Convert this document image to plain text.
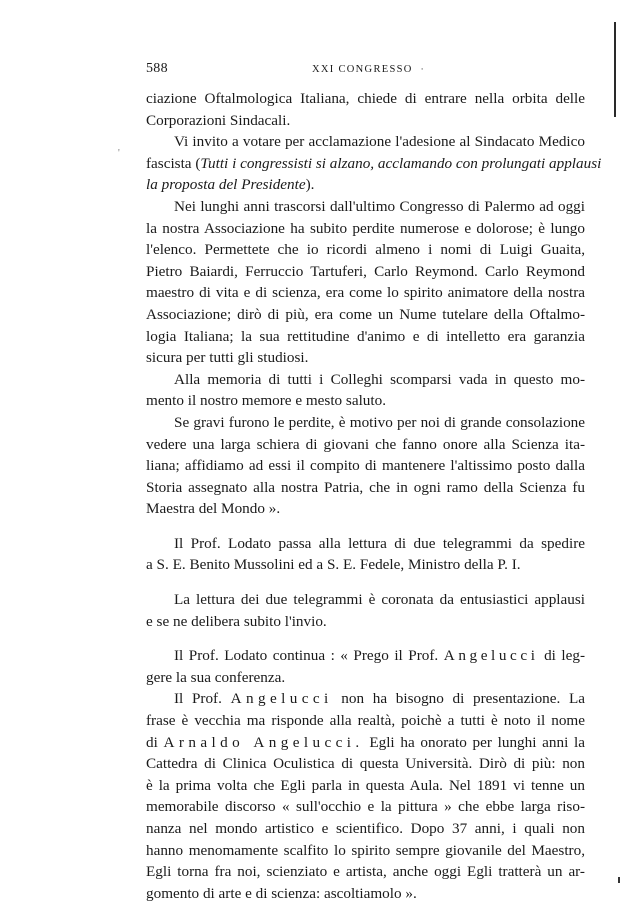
'
588	XXI CONGRESSO ·
ciazione Oftalmologica Italiana, chiede di entrare nella orbita delle
Corporazioni Sindacali.
Vi invito a votare per acclamazione l'adesione al Sindacato Medico
fascista (Tutti i congressisti si alzano, acclamando con prolungati applausi
la proposta del Presidente).
Nei lunghi anni trascorsi dall'ultimo Congresso di Palermo ad oggi
la nostra Associazione ha subito perdite numerose e dolorose; è lungo
l'elenco. Permettete che io ricordi almeno i nomi di Luigi Guaita,
Pietro Baiardi, Ferruccio Tartuferi, Carlo Reymond. Carlo Reymond
maestro di vita e di scienza, era come lo spirito animatore della nostra
Associazione; dirò di più, era come un Nume tutelare della Oftalmo-
logia Italiana; la sua rettitudine d'animo e di intelletto era garanzia
sicura per tutti gli studiosi.
Alla memoria di tutti i Colleghi scomparsi vada in questo mo-
mento il nostro memore e mesto saluto.
Se gravi furono le perdite, è motivo per noi di grande consolazione
vedere una larga schiera di giovani che fanno onore alla Scienza ita-
liana; affidiamo ad essi il compito di mantenere l'altissimo posto dalla
Storia assegnato alla nostra Patria, che in ogni ramo della Scienza fu
Maestra del Mondo ».
Il Prof. Lodato passa alla lettura di due telegrammi da spedire
a S. E. Benito Mussolini ed a S. E. Fedele, Ministro della P. I.
La lettura dei due telegrammi è coronata da entusiastici applausi
e se ne delibera subito l'invio.
Il Prof. Lodato continua : « Prego il Prof. Angelucci di leg-
gere la sua conferenza.
Il Prof. Angelucci non ha bisogno di presentazione. La
frase è vecchia ma risponde alla realtà, poichè a tutti è noto il nome
di Arnaldo Angelucci. Egli ha onorato per lunghi anni la
Cattedra di Clinica Oculistica di questa Università. Dirò di più: non
è la prima volta che Egli parla in questa Aula. Nel 1891 vi tenne un
memorabile discorso « sull'occhio e la pittura » che ebbe larga riso-
nanza nel mondo artistico e scientifico. Dopo 37 anni, i quali non
hanno menomamente scalfito lo spirito sempre giovanile del Maestro,
Egli torna fra noi, scienziato e artista, anche oggi Egli tratterà un ar-
gomento di arte e di scienza: ascoltiamolo ».
